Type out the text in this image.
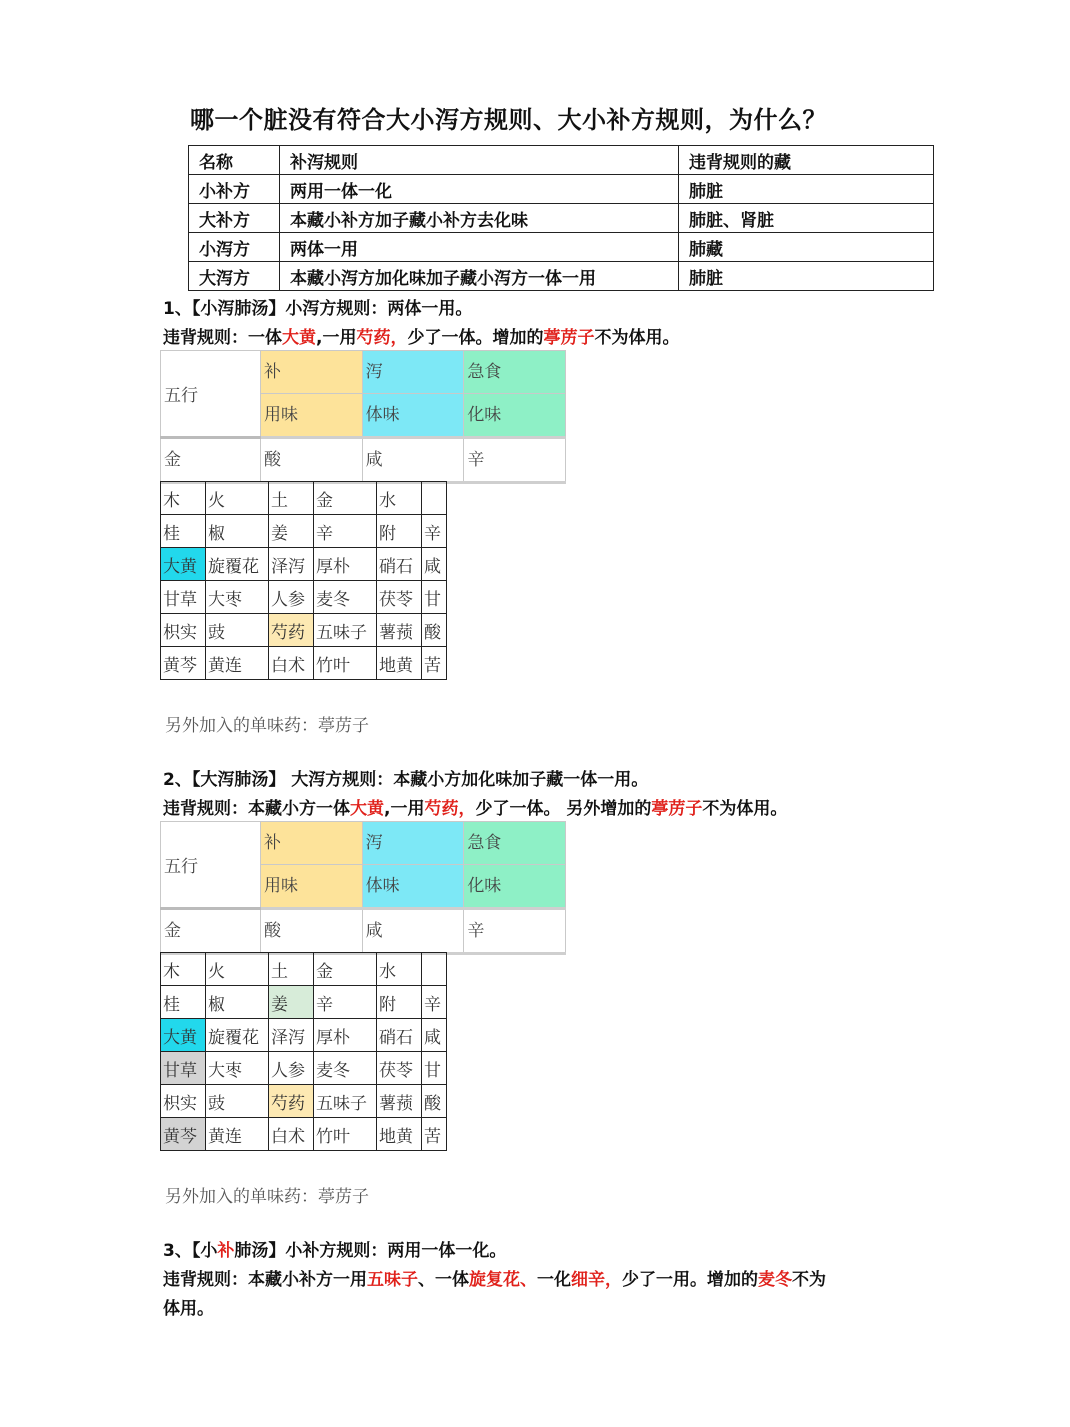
哪一个脏没有符合大小泻方规则、大小补方规则，为什么？
名称	补泻规则	违背规则的藏
小补方	两用一体一化	肺脏
大补方	本藏小补方加子藏小补方去化味	肺脏、肾脏
小泻方	两体一用	肺藏
大泻方	本藏小泻方加化味加子藏小泻方一体一用	肺脏
1、【小泻肺汤】小泻方规则：两体一用。
违背规则：一体大黄,一用芍药，少了一体。增加的葶苈子不为体用。
五行	补	泻	急食
	用味	体味	化味
金	酸	咸	辛
木	火	土	金	水	
桂	椒	姜	辛	附	辛
大黄	旋覆花	泽泻	厚朴	硝石	咸
甘草	大枣	人参	麦冬	茯苓	甘
枳实	豉	芍药	五味子	薯蓣	酸
黄芩	黄连	白术	竹叶	地黄	苦
另外加入的单味药：葶苈子
2、【大泻肺汤】 大泻方规则：本藏小方加化味加子藏一体一用。
违背规则：本藏小方一体大黄,一用芍药，少了一体。 另外增加的葶苈子不为体用。
五行	补	泻	急食
	用味	体味	化味
金	酸	咸	辛
木	火	土	金	水	
桂	椒	姜	辛	附	辛
大黄	旋覆花	泽泻	厚朴	硝石	咸
甘草	大枣	人参	麦冬	茯苓	甘
枳实	豉	芍药	五味子	薯蓣	酸
黄芩	黄连	白术	竹叶	地黄	苦
另外加入的单味药：葶苈子
3、【小补肺汤】小补方规则：两用一体一化。
违背规则：本藏小补方一用五味子、一体旋复花、一化细辛，少了一用。增加的麦冬不为
体用。
